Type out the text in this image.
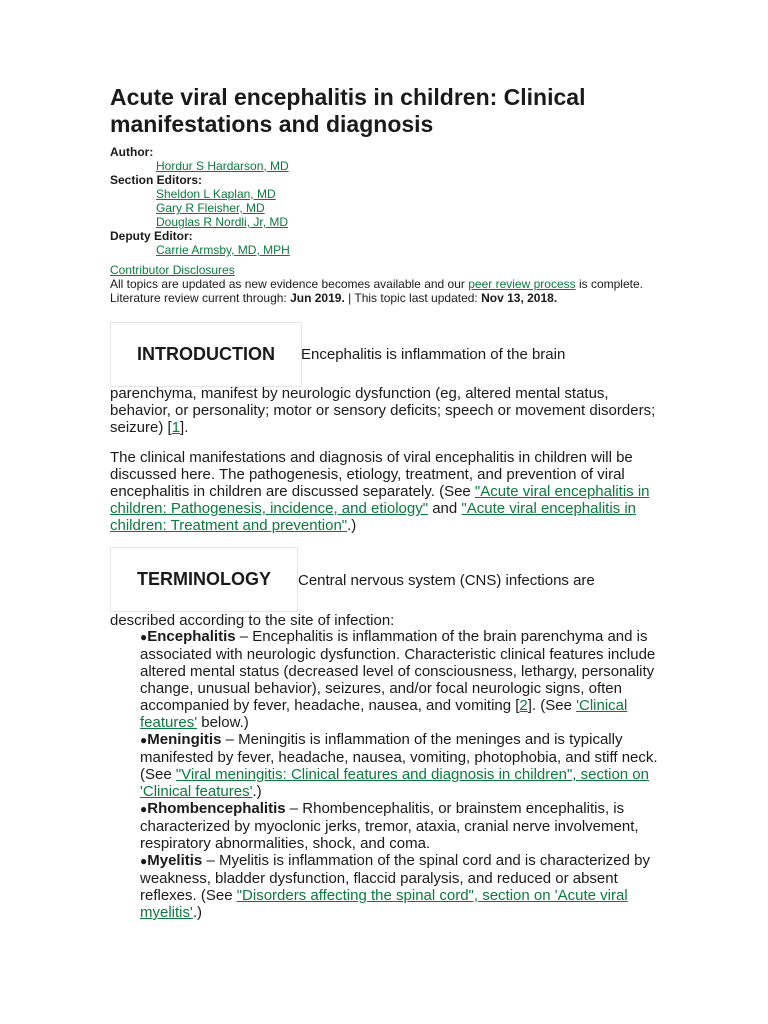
Acute viral encephalitis in children: Clinical manifestations and diagnosis

Author:

Hordur S Hardarson, MD

Section Editors:

Sheldon L Kaplan, MD

Gary R Fleisher, MD

Douglas R Nordli, Jr, MD

Deputy Editor:

Carrie Armsby, MD, MPH

Contributor Disclosures

All topics are updated as new evidence becomes available and our peer review process is complete.

Literature review current through: Jun 2019. | This topic last updated: Nov 13, 2018.

INTRODUCTION Encephalitis is inflammation of the brain

parenchyma, manifest by neurologic dysfunction (eg, altered mental status, behavior, or personality; motor or sensory deficits; speech or movement disorders; seizure) [1].

The clinical manifestations and diagnosis of viral encephalitis in children will be discussed here. The pathogenesis, etiology, treatment, and prevention of viral encephalitis in children are discussed separately. (See "Acute viral encephalitis in children: Pathogenesis, incidence, and etiology" and "Acute viral encephalitis in children: Treatment and prevention".)

TERMINOLOGY Central nervous system (CNS) infections are

described according to the site of infection:

●Encephalitis – Encephalitis is inflammation of the brain parenchyma and is associated with neurologic dysfunction. Characteristic clinical features include altered mental status (decreased level of consciousness, lethargy, personality change, unusual behavior), seizures, and/or focal neurologic signs, often accompanied by fever, headache, nausea, and vomiting [2]. (See 'Clinical features' below.)
●Meningitis – Meningitis is inflammation of the meninges and is typically manifested by fever, headache, nausea, vomiting, photophobia, and stiff neck. (See "Viral meningitis: Clinical features and diagnosis in children", section on 'Clinical features'.)
●Rhombencephalitis – Rhombencephalitis, or brainstem encephalitis, is characterized by myoclonic jerks, tremor, ataxia, cranial nerve involvement, respiratory abnormalities, shock, and coma.
●Myelitis – Myelitis is inflammation of the spinal cord and is characterized by weakness, bladder dysfunction, flaccid paralysis, and reduced or absent reflexes. (See "Disorders affecting the spinal cord", section on 'Acute viral myelitis'.)
